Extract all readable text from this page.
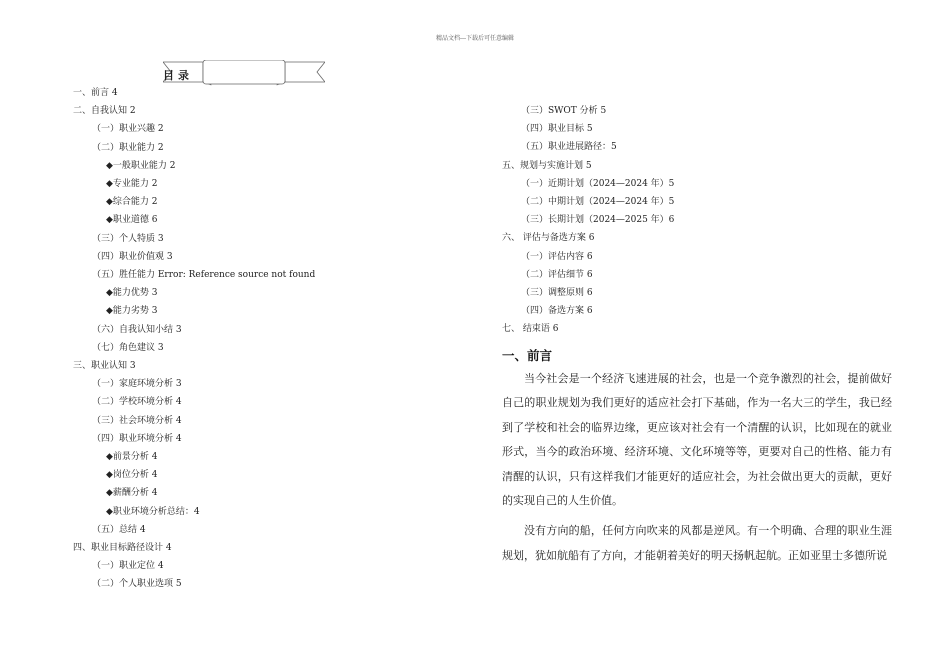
精品文档---下载后可任意编辑
目录
一、前言 4
二、自我认知 2
（一）职业兴趣 2
（二）职业能力 2
◆一般职业能力 2
◆专业能力 2
◆综合能力 2
◆职业道德 6
（三）个人特质 3
（四）职业价值观 3
（五）胜任能力 Error: Reference source not found
◆能力优势 3
◆能力劣势 3
（六）自我认知小结 3
（七）角色建议 3
三、职业认知 3
（一）家庭环境分析 3
（二）学校环境分析 4
（三）社会环境分析 4
（四）职业环境分析 4
◆前景分析 4
◆岗位分析 4
◆薪酬分析 4
◆职业环境分析总结：4
（五）总结 4
四、职业目标路径设计 4
（一）职业定位 4
（二）个人职业选项 5
（三）SWOT 分析 5
（四）职业目标 5
（五）职业进展路径：5
五、规划与实施计划 5
（一）近期计划（2024—2024 年）5
（二）中期计划（2024—2024 年）5
（三）长期计划（2024—2025 年）6
六、 评估与备选方案 6
（一）评估内容 6
（二）评估细节 6
（三）调整原则 6
（四）备选方案 6
七、 结束语 6
一、前言

当今社会是一个经济飞速进展的社会，也是一个竞争激烈的社会，提前做好自己的职业规划为我们更好的适应社会打下基础，作为一名大三的学生，我已经到了学校和社会的临界边缘，更应该对社会有一个清醒的认识，比如现在的就业形式，当今的政治环境、经济环境、文化环境等等，更要对自己的性格、能力有清醒的认识，只有这样我们才能更好的适应社会，为社会做出更大的贡献，更好的实现自己的人生价值。

没有方向的船，任何方向吹来的风都是逆风。有一个明确、合理的职业生涯规划，犹如航船有了方向，才能朝着美好的明天扬帆起航。正如亚里士多德所说
